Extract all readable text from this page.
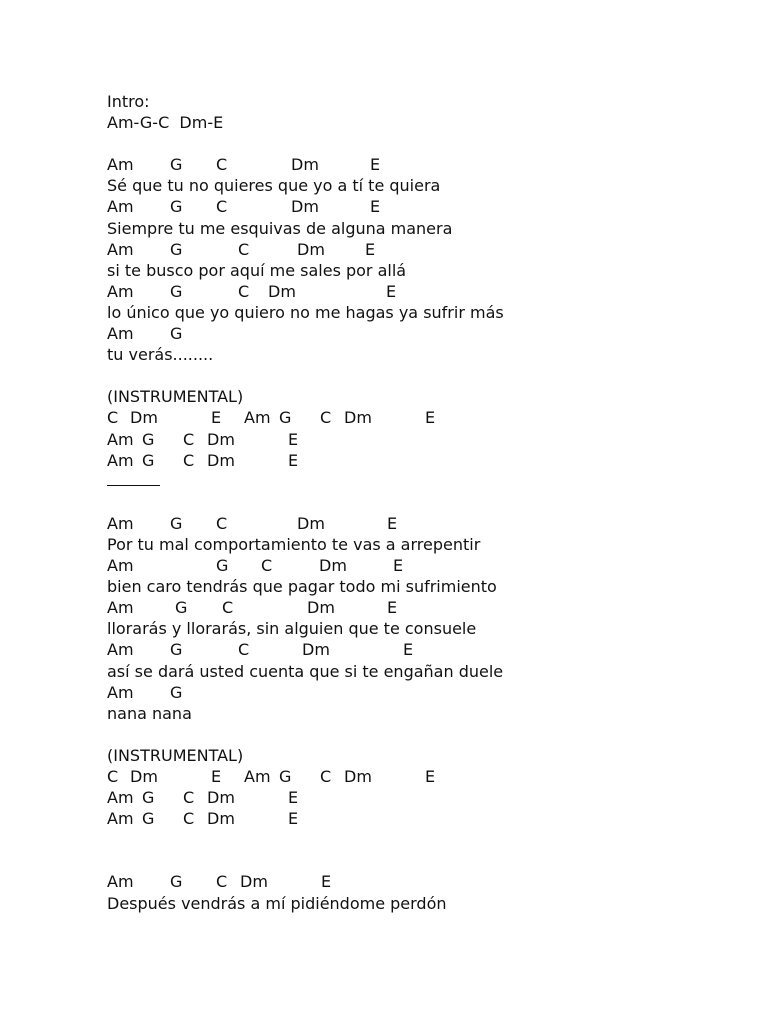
Intro:
Am-G-C  Dm-E

Am

G

C

	Dm

	E

Sé que tu no quieres que yo a tí te quiera

Am

G

C

	Dm

	E

Siempre tu me esquivas de alguna manera

Am

G

	C

	Dm

	E

si te busco por aquí me sales por allá

Am

G

	C

Dm

	E

lo único que yo quiero no me hagas ya sufrir más

Am

G

tu verás........
(INSTRUMENTAL)

C

Dm

	E

Am

G

C

Dm

	E

Am

G

C

Dm

	E

Am

G

C

Dm

	E

Am

G

C

	Dm

	E

Por tu mal comportamiento te vas a arrepentir

Am

	G

C

	Dm

	E

bien caro tendrás que pagar todo mi sufrimiento

Am

	G

C

	Dm

	E

llorarás y llorarás, sin alguien que te consuele

Am

G

	C

	Dm

	E

así se dará usted cuenta que si te engañan duele

Am

G

nana nana
(INSTRUMENTAL)

C

Dm

	E

Am

G

C

Dm

	E

Am

G

C

Dm

	E

Am

G

C

Dm

	E

Am

G

C

Dm

	E

Después vendrás a mí pidiéndome perdón
